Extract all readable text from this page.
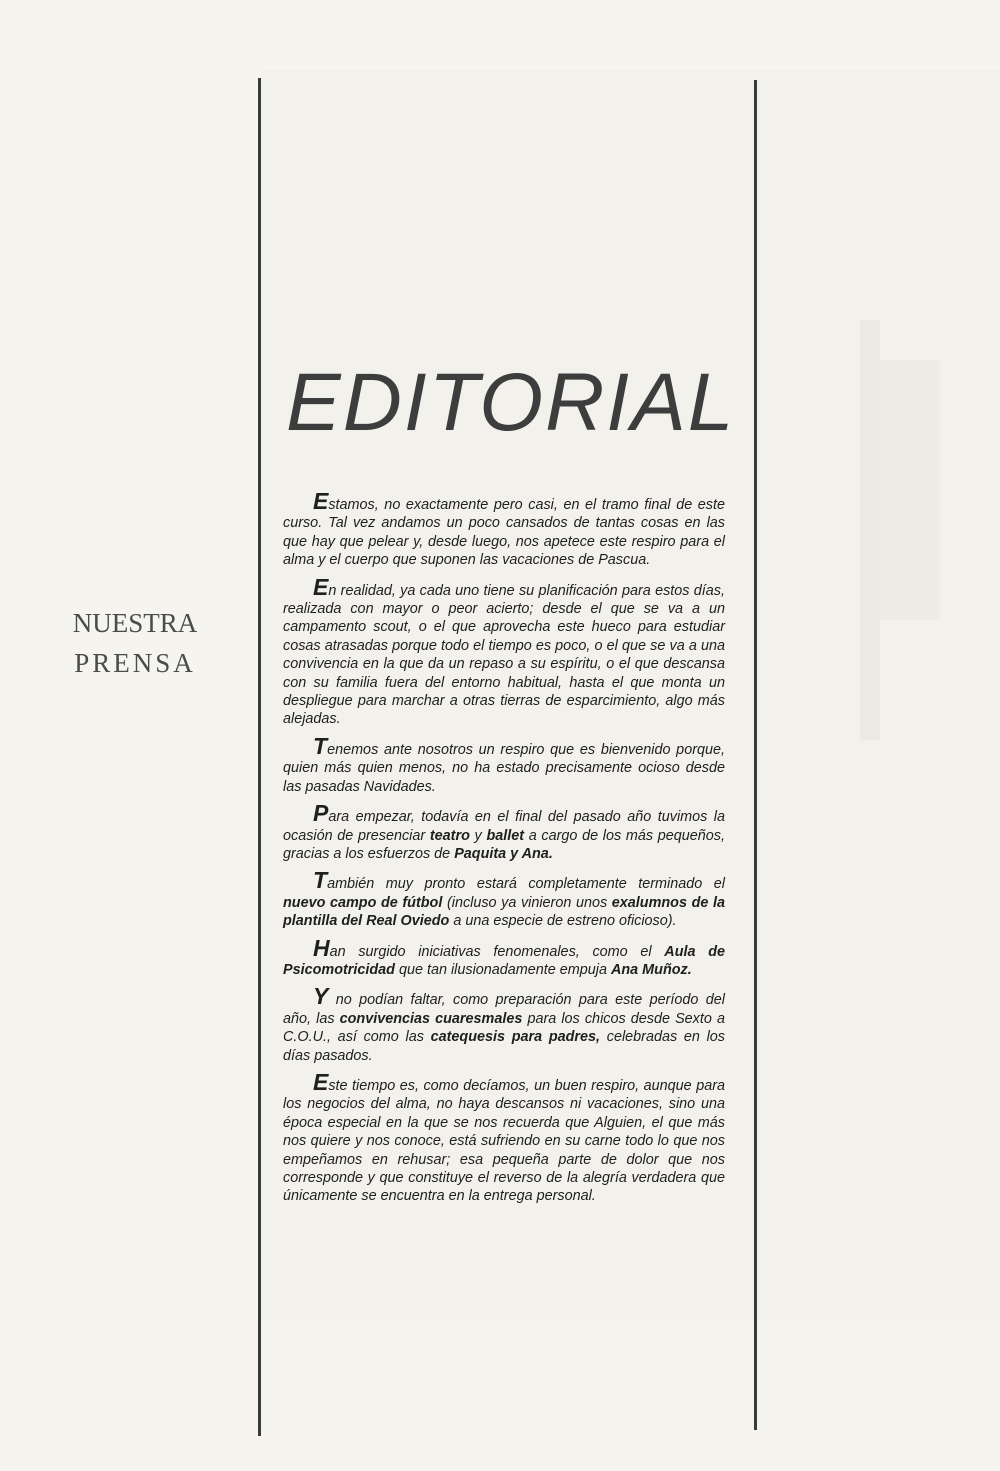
NUESTRA
PRENSA
EDITORIAL

Estamos, no exactamente pero casi, en el tramo final de este curso. Tal vez andamos un poco cansados de tantas cosas en las que hay que pelear y, desde luego, nos apetece este respiro para el alma y el cuerpo que suponen las vacaciones de Pascua.

En realidad, ya cada uno tiene su planificación para estos días, realizada con mayor o peor acierto; desde el que se va a un campamento scout, o el que aprovecha este hueco para estudiar cosas atrasadas porque todo el tiempo es poco, o el que se va a una convivencia en la que da un repaso a su espíritu, o el que descansa con su familia fuera del entorno habitual, hasta el que monta un despliegue para marchar a otras tierras de esparcimiento, algo más alejadas.

Tenemos ante nosotros un respiro que es bienvenido porque, quien más quien menos, no ha estado precisamente ocioso desde las pasadas Navidades.

Para empezar, todavía en el final del pasado año tuvimos la ocasión de presenciar teatro y ballet a cargo de los más pequeños, gracias a los esfuerzos de Paquita y Ana.

También muy pronto estará completamente terminado el nuevo campo de fútbol (incluso ya vinieron unos exalumnos de la plantilla del Real Oviedo a una especie de estreno oficioso).

Han surgido iniciativas fenomenales, como el Aula de Psicomotricidad que tan ilusionadamente empuja Ana Muñoz.

Y no podían faltar, como preparación para este período del año, las convivencias cuaresmales para los chicos desde Sexto a C.O.U., así como las catequesis para padres, celebradas en los días pasados.

Este tiempo es, como decíamos, un buen respiro, aunque para los negocios del alma, no haya descansos ni vacaciones, sino una época especial en la que se nos recuerda que Alguien, el que más nos quiere y nos conoce, está sufriendo en su carne todo lo que nos empeñamos en rehusar; esa pequeña parte de dolor que nos corresponde y que constituye el reverso de la alegría verdadera que únicamente se encuentra en la entrega personal.
